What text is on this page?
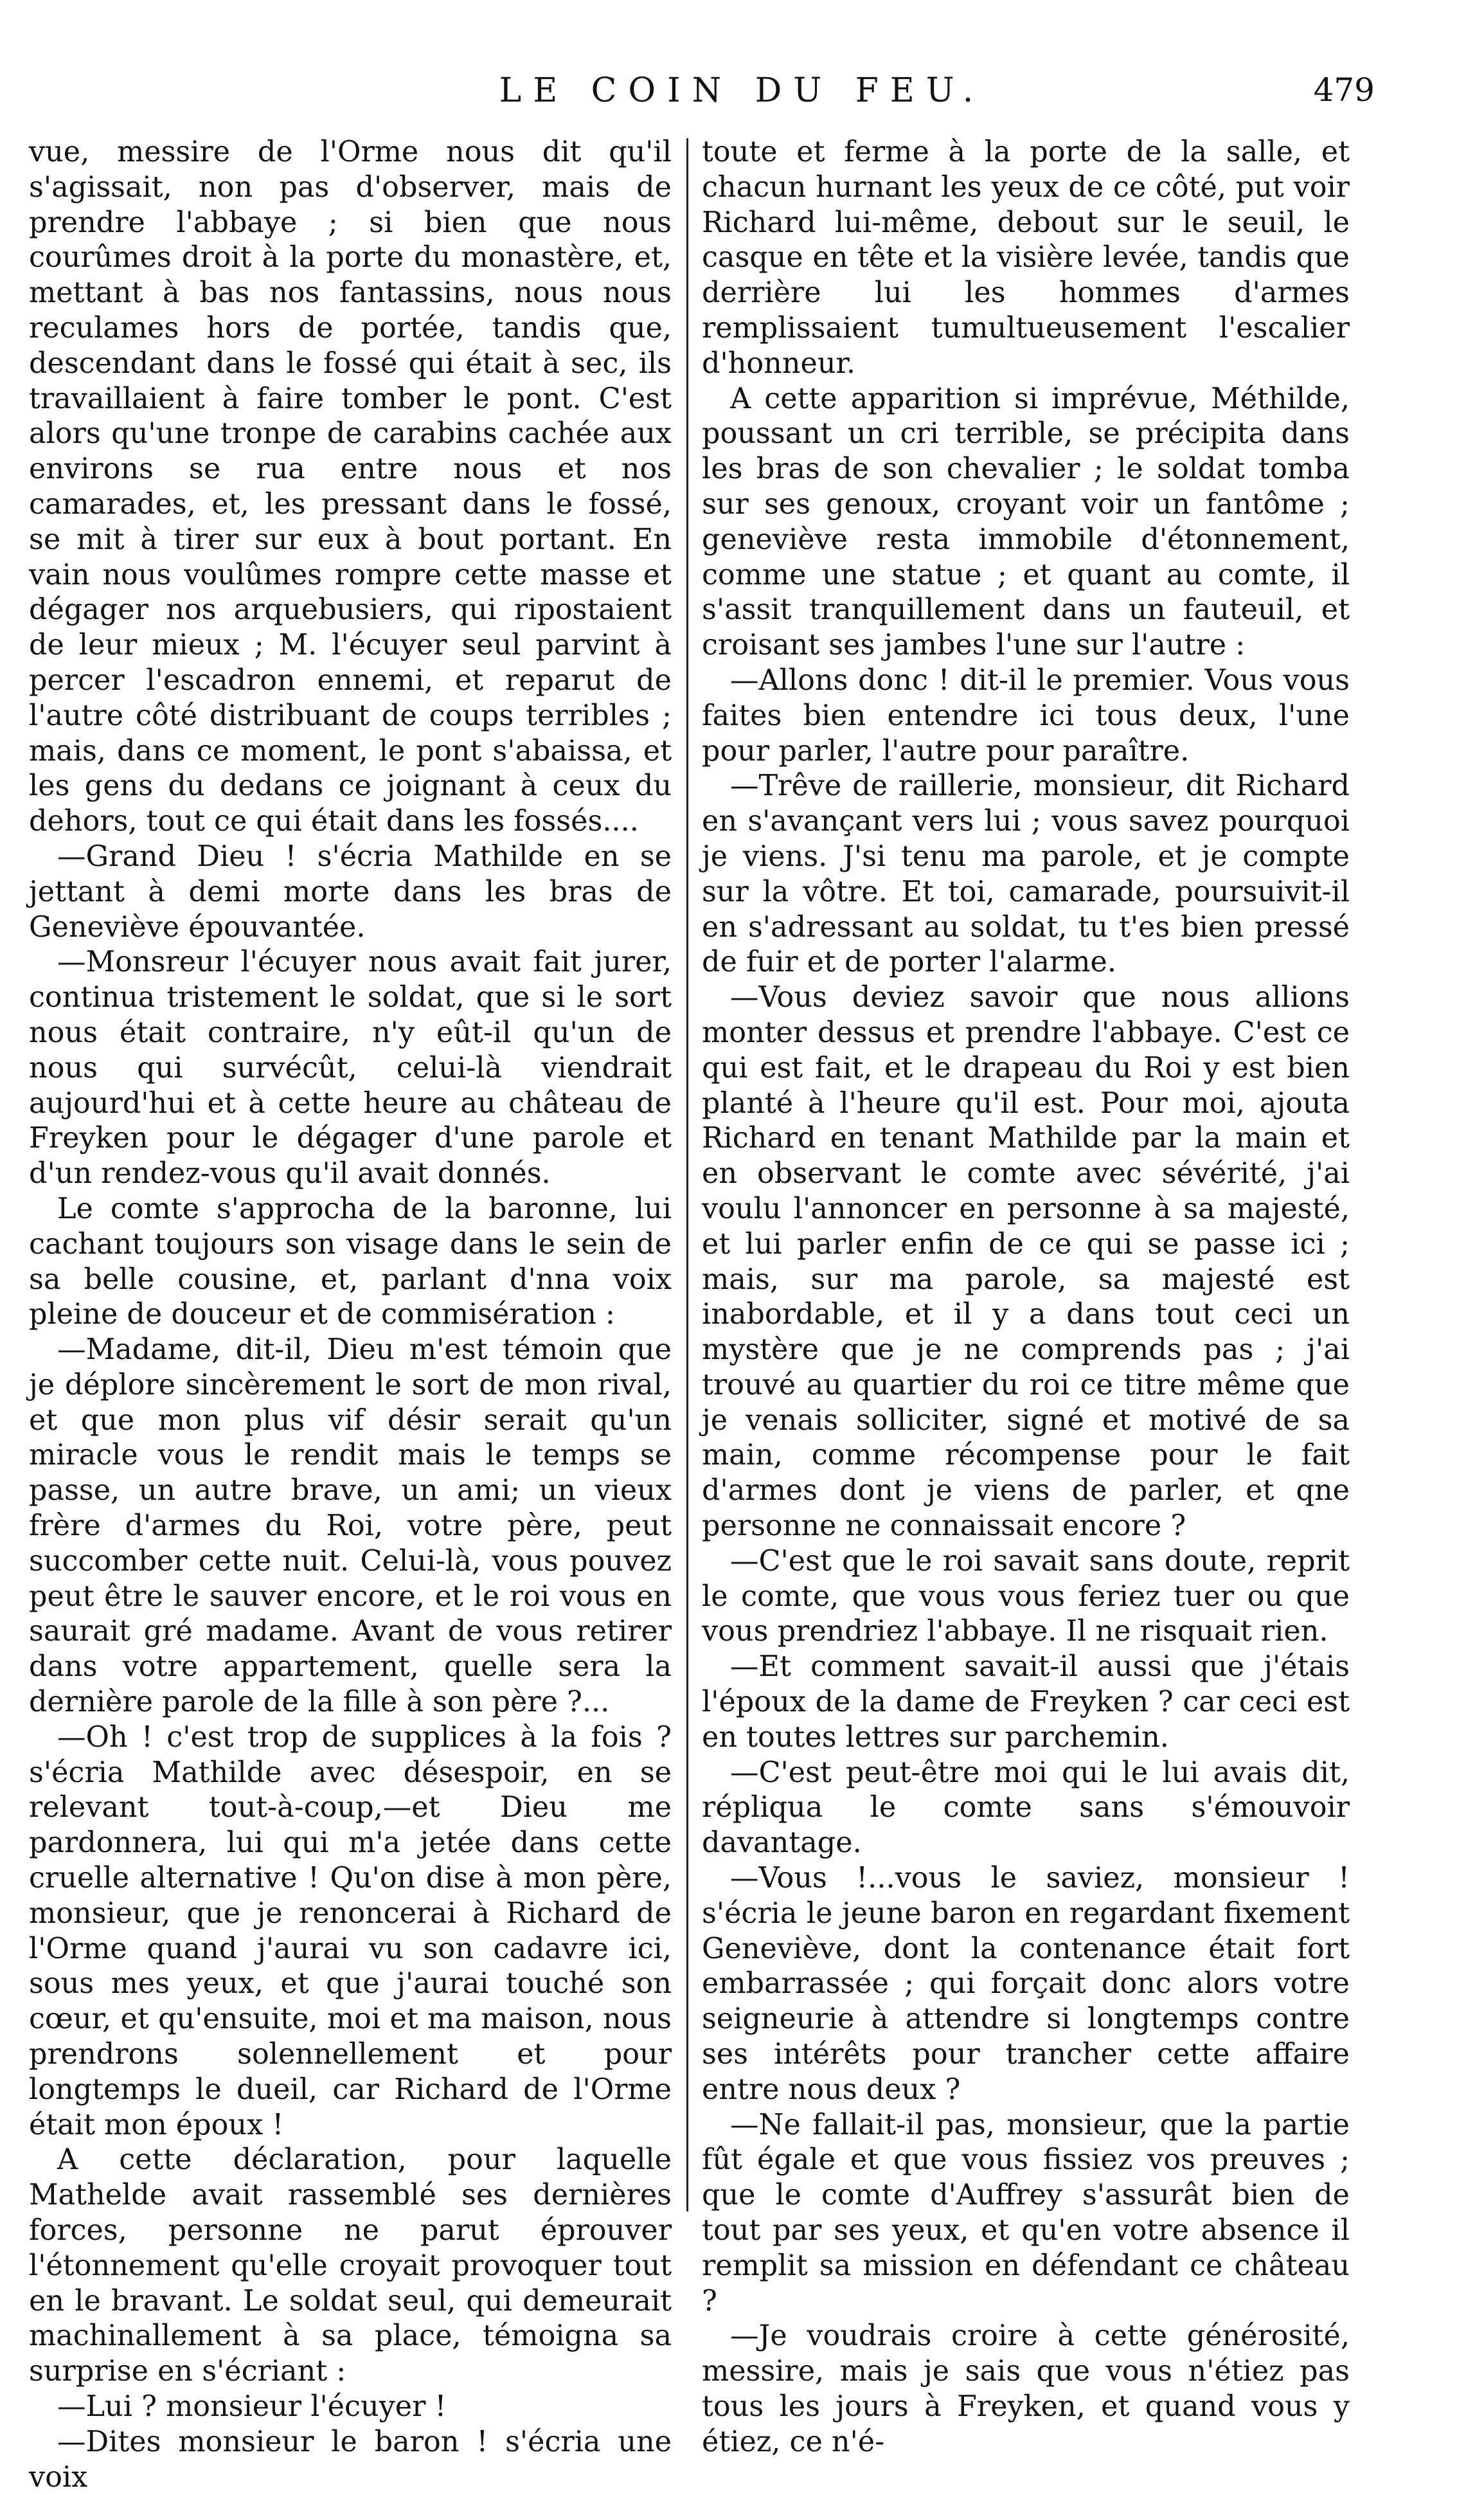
LE COIN DU FEU.	479

vue, messire de l'Orme nous dit qu'il s'agissait, non pas d'observer, mais de prendre l'abbaye ; si bien que nous courûmes droit à la porte du monastère, et, mettant à bas nos fantassins, nous nous reculames hors de portée, tandis que, descendant dans le fossé qui était à sec, ils travaillaient à faire tomber le pont. C'est alors qu'une tronpe de carabins cachée aux environs se rua entre nous et nos camarades, et, les pressant dans le fossé, se mit à tirer sur eux à bout portant. En vain nous voulûmes rompre cette masse et dégager nos arquebusiers, qui ripostaient de leur mieux ; M. l'écuyer seul parvint à percer l'escadron ennemi, et reparut de l'autre côté distribuant de coups terribles ; mais, dans ce moment, le pont s'abaissa, et les gens du dedans ce joignant à ceux du dehors, tout ce qui était dans les fossés....

—Grand Dieu ! s'écria Mathilde en se jettant à demi morte dans les bras de Geneviève épouvantée.

—Monsreur l'écuyer nous avait fait jurer, continua tristement le soldat, que si le sort nous était contraire, n'y eût-il qu'un de nous qui survécût, celui-là viendrait aujourd'hui et à cette heure au château de Freyken pour le dégager d'une parole et d'un rendez-vous qu'il avait donnés.

Le comte s'approcha de la baronne, lui cachant toujours son visage dans le sein de sa belle cousine, et, parlant d'nna voix pleine de douceur et de commisération :

—Madame, dit-il, Dieu m'est témoin que je déplore sincèrement le sort de mon rival, et que mon plus vif désir serait qu'un miracle vous le rendit mais le temps se passe, un autre brave, un ami; un vieux frère d'armes du Roi, votre père, peut succomber cette nuit. Celui-là, vous pouvez peut être le sauver encore, et le roi vous en saurait gré madame. Avant de vous retirer dans votre appartement, quelle sera la dernière parole de la fille à son père ?...

—Oh ! c'est trop de supplices à la fois ? s'écria Mathilde avec désespoir, en se relevant tout-à-coup,—et Dieu me pardonnera, lui qui m'a jetée dans cette cruelle alternative ! Qu'on dise à mon père, monsieur, que je renoncerai à Richard de l'Orme quand j'aurai vu son cadavre ici, sous mes yeux, et que j'aurai touché son cœur, et qu'ensuite, moi et ma maison, nous prendrons solennellement et pour longtemps le dueil, car Richard de l'Orme était mon époux !

A cette déclaration, pour laquelle Mathelde avait rassemblé ses dernières forces, personne ne parut éprouver l'étonnement qu'elle croyait provoquer tout en le bravant. Le soldat seul, qui demeurait machinallement à sa place, témoigna sa surprise en s'écriant :

—Lui ? monsieur l'écuyer !

—Dites monsieur le baron ! s'écria une voix

toute et ferme à la porte de la salle, et chacun hurnant les yeux de ce côté, put voir Richard lui-même, debout sur le seuil, le casque en tête et la visière levée, tandis que derrière lui les hommes d'armes remplissaient tumultueusement l'escalier d'honneur.

A cette apparition si imprévue, Méthilde, poussant un cri terrible, se précipita dans les bras de son chevalier ; le soldat tomba sur ses genoux, croyant voir un fantôme ; geneviève resta immobile d'étonnement, comme une statue ; et quant au comte, il s'assit tranquillement dans un fauteuil, et croisant ses jambes l'une sur l'autre :

—Allons donc ! dit-il le premier. Vous vous faites bien entendre ici tous deux, l'une pour parler, l'autre pour paraître.

—Trêve de raillerie, monsieur, dit Richard en s'avançant vers lui ; vous savez pourquoi je viens. J'si tenu ma parole, et je compte sur la vôtre. Et toi, camarade, poursuivit-il en s'adressant au soldat, tu t'es bien pressé de fuir et de porter l'alarme.

—Vous deviez savoir que nous allions monter dessus et prendre l'abbaye. C'est ce qui est fait, et le drapeau du Roi y est bien planté à l'heure qu'il est. Pour moi, ajouta Richard en tenant Mathilde par la main et en observant le comte avec sévérité, j'ai voulu l'annoncer en personne à sa majesté, et lui parler enfin de ce qui se passe ici ; mais, sur ma parole, sa majesté est inabordable, et il y a dans tout ceci un mystère que je ne comprends pas ; j'ai trouvé au quartier du roi ce titre même que je venais solliciter, signé et motivé de sa main, comme récompense pour le fait d'armes dont je viens de parler, et qne personne ne connaissait encore ?

—C'est que le roi savait sans doute, reprit le comte, que vous vous feriez tuer ou que vous prendriez l'abbaye. Il ne risquait rien.

—Et comment savait-il aussi que j'étais l'époux de la dame de Freyken ? car ceci est en toutes lettres sur parchemin.

—C'est peut-être moi qui le lui avais dit, répliqua le comte sans s'émouvoir davantage.

—Vous !...vous le saviez, monsieur ! s'écria le jeune baron en regardant fixement Geneviève, dont la contenance était fort embarrassée ; qui forçait donc alors votre seigneurie à attendre si longtemps contre ses intérêts pour trancher cette affaire entre nous deux ?

—Ne fallait-il pas, monsieur, que la partie fût égale et que vous fissiez vos preuves ; que le comte d'Auffrey s'assurât bien de tout par ses yeux, et qu'en votre absence il remplit sa mission en défendant ce château ?

—Je voudrais croire à cette générosité, messire, mais je sais que vous n'étiez pas tous les jours à Freyken, et quand vous y étiez, ce n'é-
